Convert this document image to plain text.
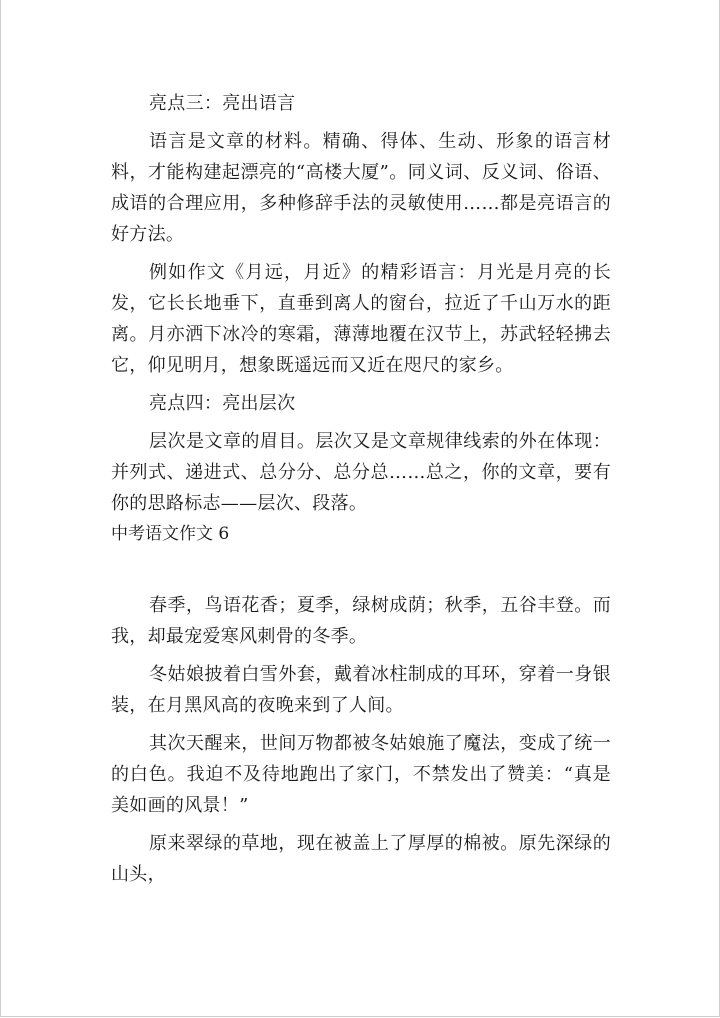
亮点三：亮出语言

语言是文章的材料。精确、得体、生动、形象的语言材料，才能构建起漂亮的“高楼大厦”。同义词、反义词、俗语、成语的合理应用，多种修辞手法的灵敏使用……都是亮语言的好方法。

例如作文《月远，月近》的精彩语言：月光是月亮的长发，它长长地垂下，直垂到离人的窗台，拉近了千山万水的距离。月亦洒下冰冷的寒霜，薄薄地覆在汉节上，苏武轻轻拂去它，仰见明月，想象既遥远而又近在咫尺的家乡。

亮点四：亮出层次

层次是文章的眉目。层次又是文章规律线索的外在体现：并列式、递进式、总分分、总分总……总之，你的文章，要有你的思路标志——层次、段落。

中考语文作文 6

春季，鸟语花香；夏季，绿树成荫；秋季，五谷丰登。而我，却最宠爱寒风刺骨的冬季。

冬姑娘披着白雪外套，戴着冰柱制成的耳环，穿着一身银装，在月黑风高的夜晚来到了人间。

其次天醒来，世间万物都被冬姑娘施了魔法，变成了统一的白色。我迫不及待地跑出了家门，不禁发出了赞美：“真是美如画的风景！”

原来翠绿的草地，现在被盖上了厚厚的棉被。原先深绿的山头，
